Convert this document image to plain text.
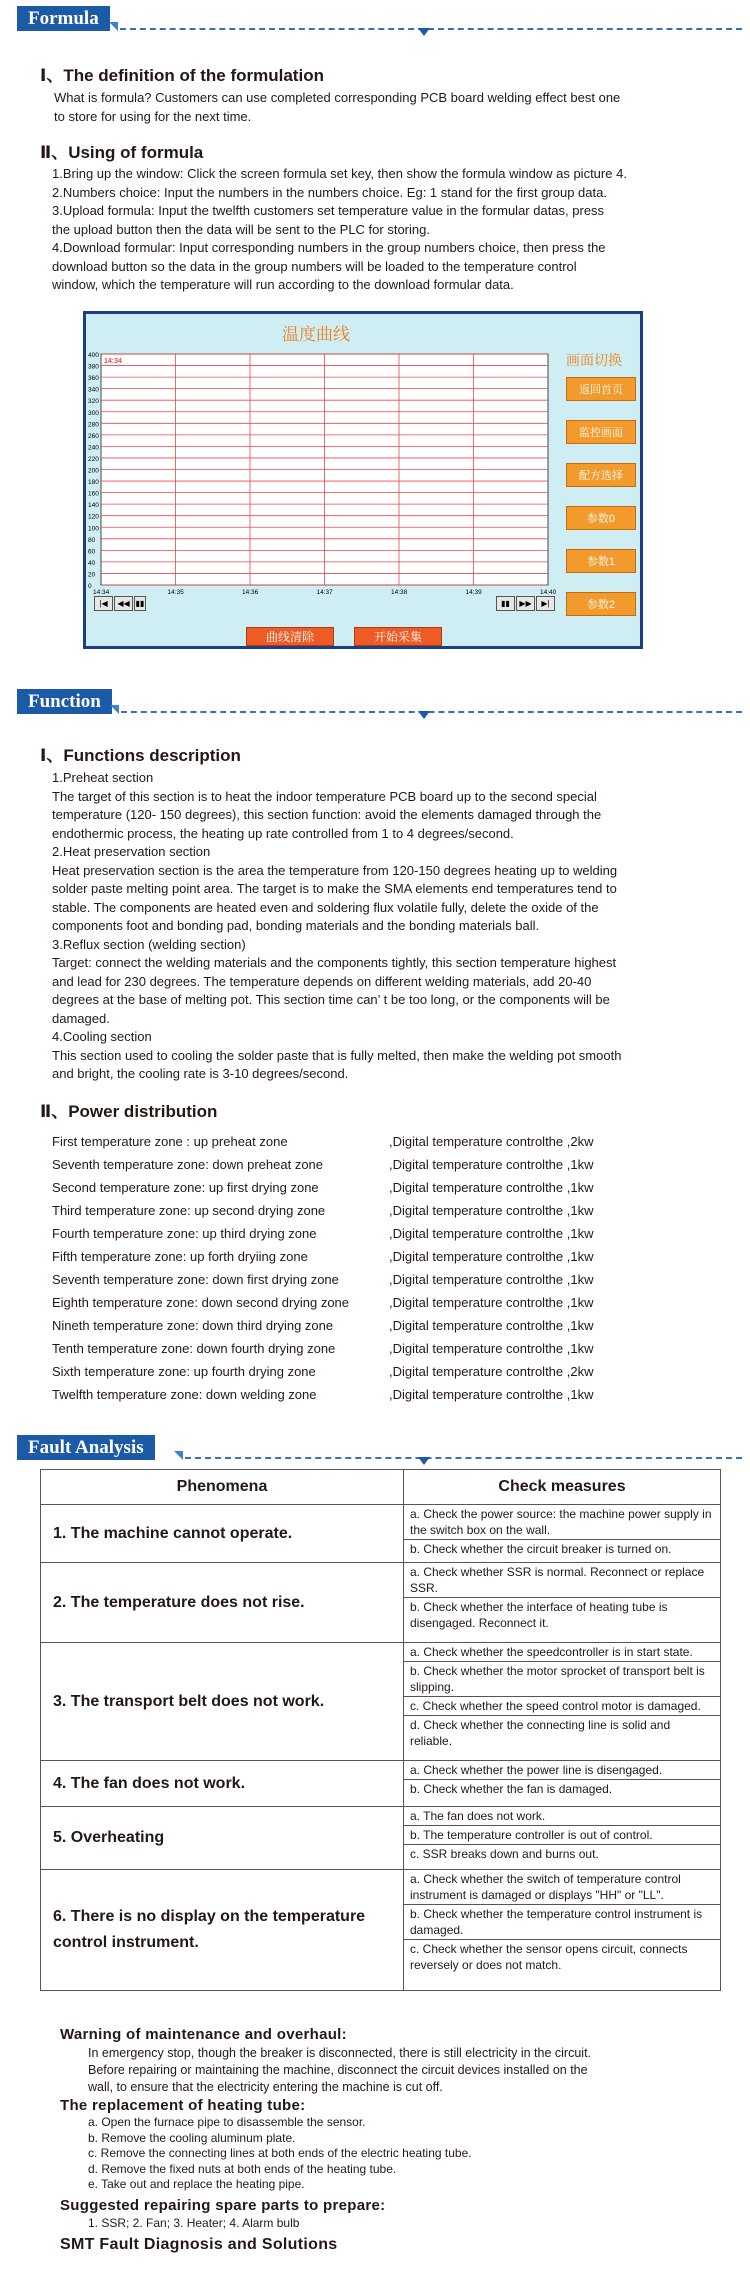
Formula
Ⅰ、The definition of the formulation
What is formula? Customers can use completed corresponding PCB board welding effect best one
to store for using for the next time.
Ⅱ、Using of formula
1.Bring up the window: Click the screen formula set key, then show the formula window as picture 4.
2.Numbers choice: Input the numbers in the numbers choice. Eg: 1 stand for the first group data.
3.Upload formula: Input the twelfth customers set temperature value in the formular datas, press
the upload button then the data will be sent to the PLC for storing.
4.Download formular: Input corresponding numbers in the group numbers choice, then press the
download button so the data in the group numbers will be loaded to the temperature control
window, which the temperature will run according to the download formular data.
温度曲线
400
380
360
340
320
300
280
260
240
220
200
180
160
140
120
100
80
60
40
20
0
14:34	14:35	14:36	14:37	14:38	14:39	14:40
14:34	画面切换
返回首页
监控画面
配方选择
参数0
参数1
参数2
|◀	◀◀ ▮▮	▮▮	▶▶	▶|
曲线清除	开始采集
Function
Ⅰ、Functions description
1.Preheat section
The target of this section is to heat the indoor temperature PCB board up to the second special
temperature (120- 150 degrees), this section function: avoid the elements damaged through the
endothermic process, the heating up rate controlled from 1 to 4 degrees/second.
2.Heat preservation section
Heat preservation section is the area the temperature from 120-150 degrees heating up to welding
solder paste melting point area. The target is to make the SMA elements end temperatures tend to
stable. The components are heated even and soldering flux volatile fully, delete the oxide of the
components foot and bonding pad, bonding materials and the bonding materials ball.
3.Reflux section (welding section)
Target: connect the welding materials and the components tightly, this section temperature highest
and lead for 230 degrees. The temperature depends on different welding materials, add 20-40
degrees at the base of melting pot. This section time can’ t be too long, or the components will be
damaged.
4.Cooling section
This section used to cooling the solder paste that is fully melted, then make the welding pot smooth
and bright, the cooling rate is 3-10 degrees/second.
Ⅱ、Power distribution
First temperature zone : up preheat zone	,Digital temperature controlthe ,2kw
Seventh temperature zone: down preheat zone	,Digital temperature controlthe ,1kw
Second temperature zone: up first drying zone	,Digital temperature controlthe ,1kw
Third temperature zone: up second drying zone	,Digital temperature controlthe ,1kw
Fourth temperature zone: up third drying zone	,Digital temperature controlthe ,1kw
Fifth temperature zone: up forth dryiing zone	,Digital temperature controlthe ,1kw
Seventh temperature zone: down first drying zone	,Digital temperature controlthe ,1kw
Eighth temperature zone: down second drying zone	,Digital temperature controlthe ,1kw
Nineth temperature zone: down third drying zone	,Digital temperature controlthe ,1kw
Tenth temperature zone: down fourth drying zone	,Digital temperature controlthe ,1kw
Sixth temperature zone: up fourth drying zone	,Digital temperature controlthe ,2kw
Twelfth temperature zone: down welding zone	,Digital temperature controlthe ,1kw
Fault Analysis
Phenomena	Check measures
1. The machine cannot operate.	a. Check the power source: the machine power supply in the switch box on the wall.
b. Check whether the circuit breaker is turned on.

2. The temperature does not rise.	a. Check whether SSR is normal. Reconnect or replace SSR.
b. Check whether the interface of heating tube is disengaged. Reconnect it.

3. The transport belt does not work.	a. Check whether the speedcontroller is in start state.
b. Check whether the motor sprocket of transport belt is slipping.
c. Check whether the speed control motor is damaged.
d. Check whether the connecting line is solid and reliable.

4. The fan does not work.	a. Check whether the power line is disengaged.
b. Check whether the fan is damaged.

5. Overheating	a. The fan does not work.
b. The temperature controller is out of control.
c. SSR breaks down and burns out.

6. There is no display on the temperature control instrument.	a. Check whether the switch of temperature control instrument is damaged or displays "HH" or "LL".
b. Check whether the temperature control instrument is damaged.
c. Check whether the sensor opens circuit, connects reversely or does not match.
Warning of maintenance and overhaul:
In emergency stop, though the breaker is disconnected, there is still electricity in the circuit.
Before repairing or maintaining the machine, disconnect the circuit devices installed on the
wall, to ensure that the electricity entering the machine is cut off.
The replacement of heating tube:
a. Open the furnace pipe to disassemble the sensor.
b. Remove the cooling aluminum plate.
c. Remove the connecting lines at both ends of the electric heating tube.
d. Remove the fixed nuts at both ends of the heating tube.
e. Take out and replace the heating pipe.
Suggested repairing spare parts to prepare:
1. SSR; 2. Fan; 3. Heater; 4. Alarm bulb
SMT Fault Diagnosis and Solutions
